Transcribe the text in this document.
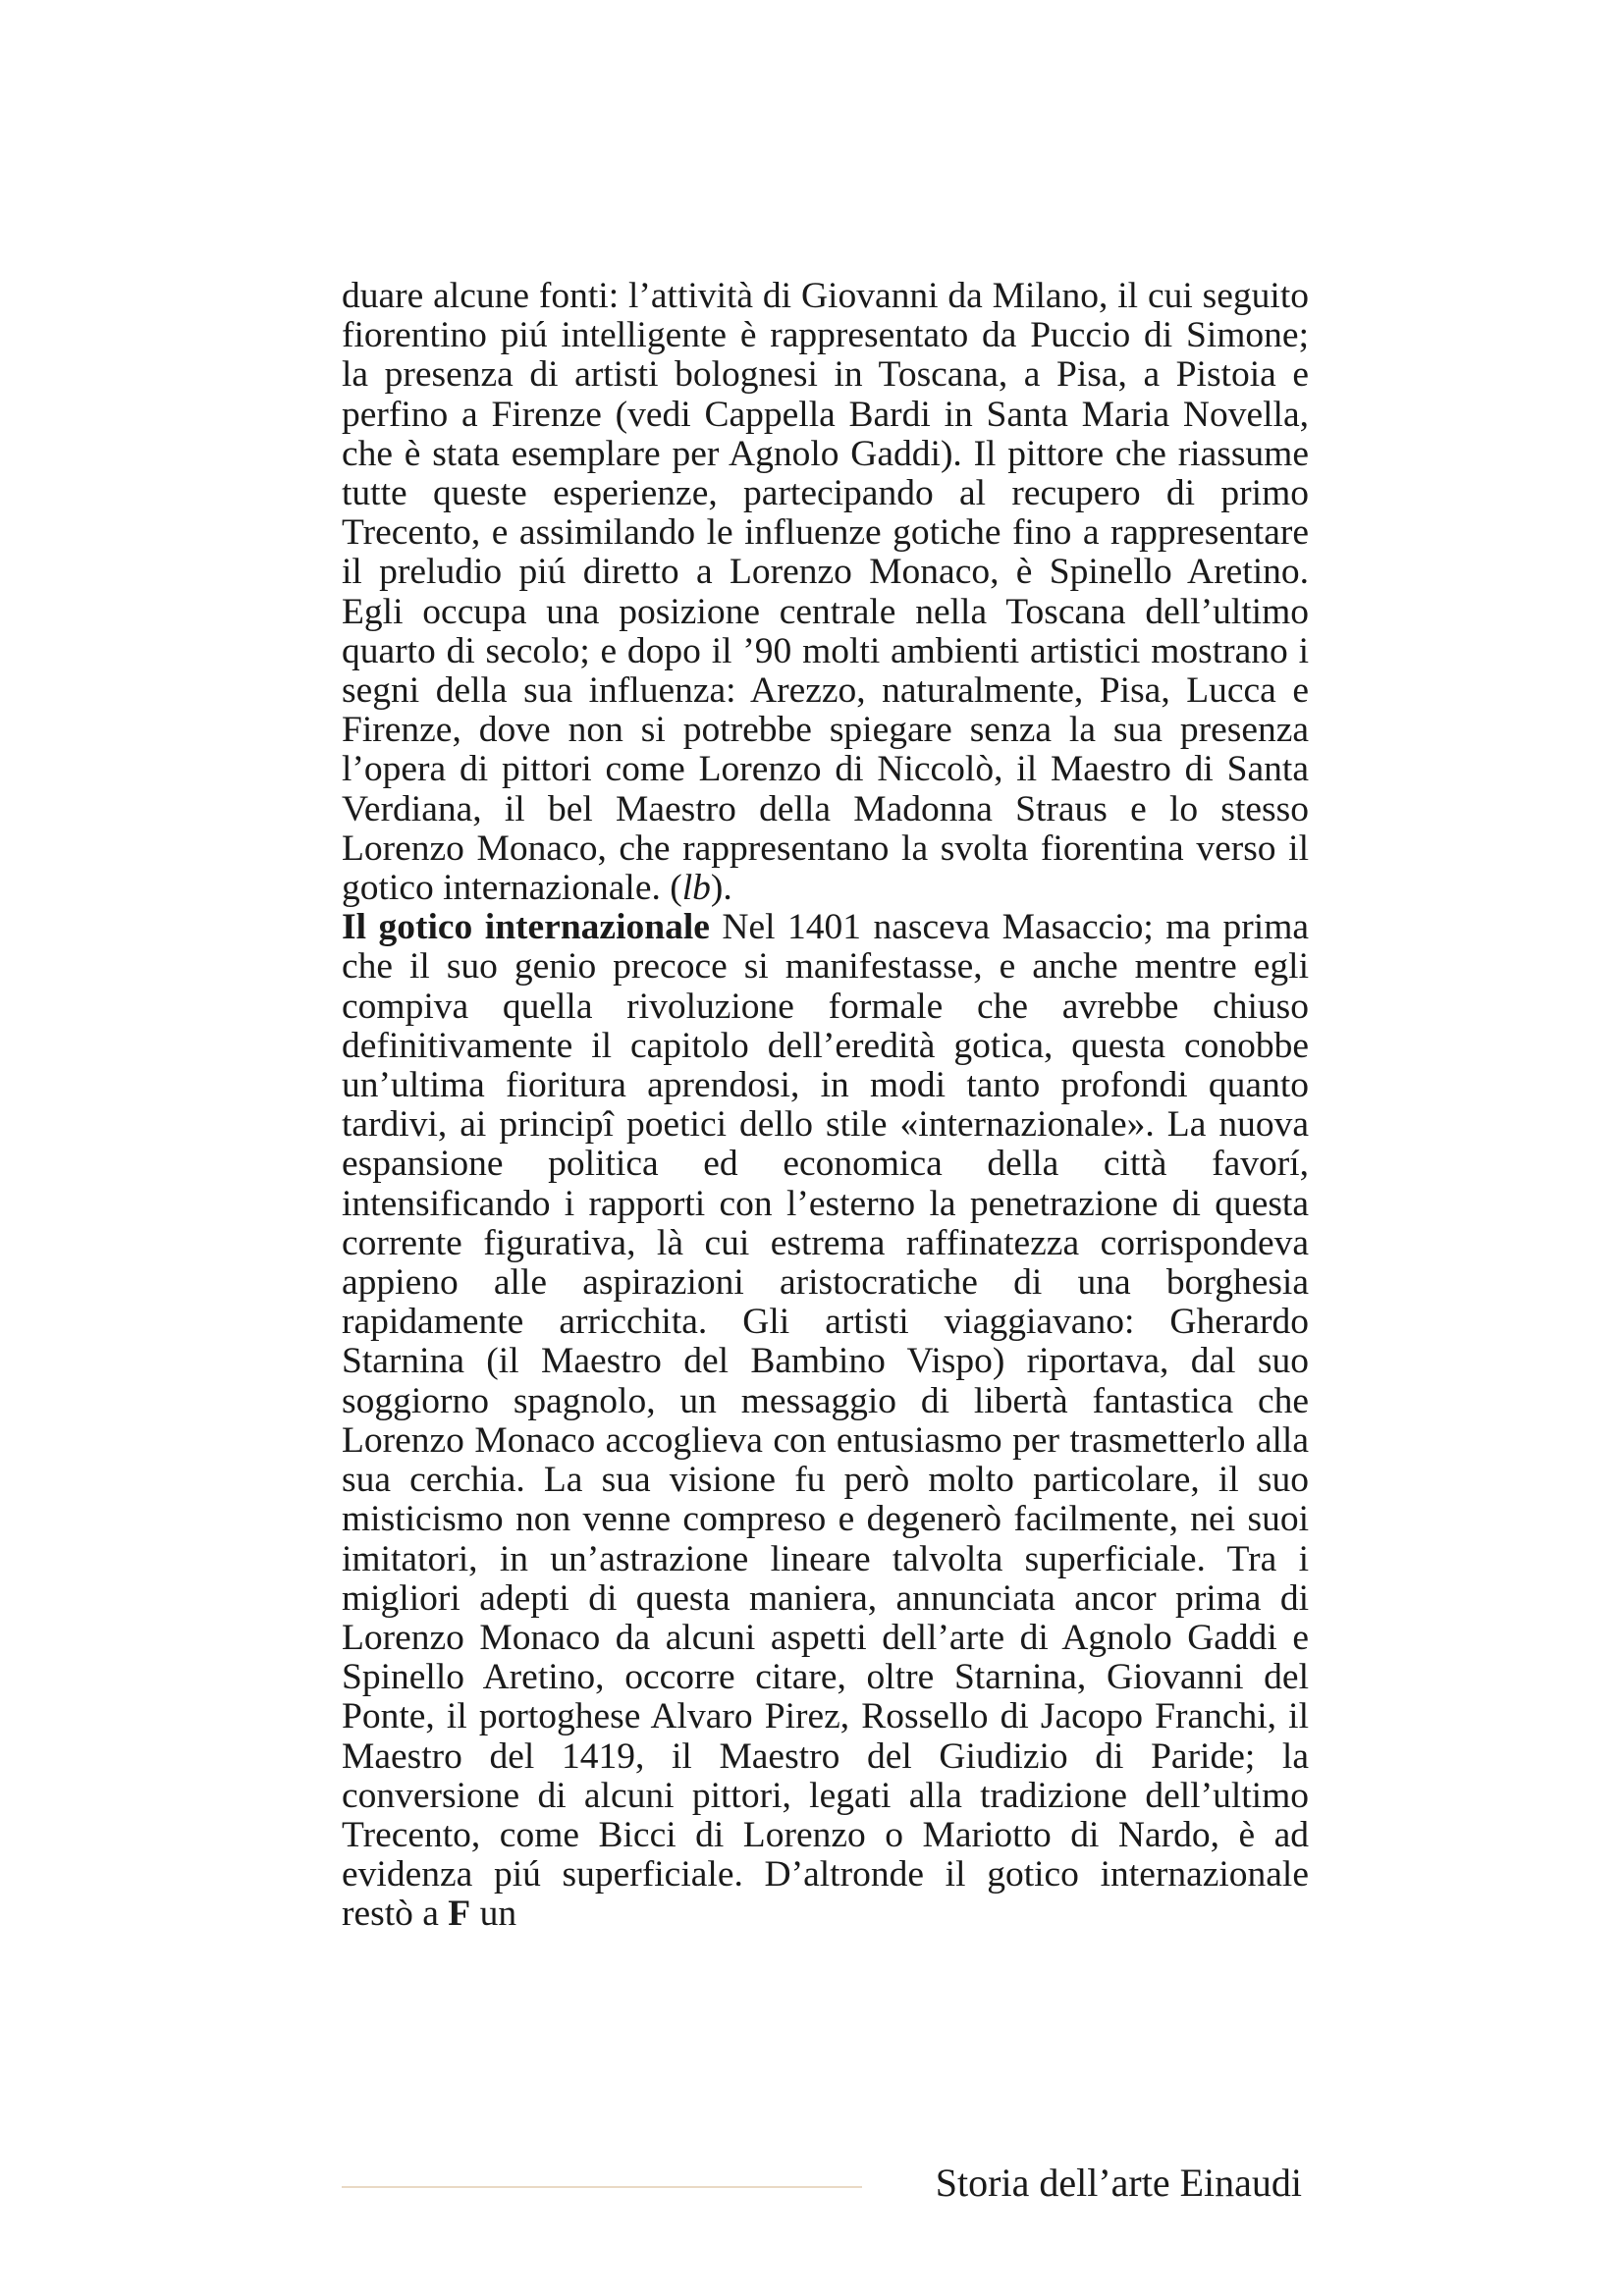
duare alcune fonti: l’attività di Giovanni da Milano, il cui seguito fiorentino piú intelligente è rappresentato da Puccio di Simone; la presenza di artisti bolognesi in Toscana, a Pisa, a Pistoia e perfino a Firenze (vedi Cappella Bardi in Santa Maria Novella, che è stata esemplare per Agnolo Gaddi). Il pittore che riassume tutte queste esperienze, partecipando al recupero di primo Trecento, e assimilando le influenze gotiche fino a rappresentare il preludio piú diretto a Lorenzo Monaco, è Spinello Aretino. Egli occupa una posizione centrale nella Toscana dell’ultimo quarto di secolo; e dopo il ’90 molti ambienti artistici mostrano i segni della sua influenza: Arezzo, naturalmente, Pisa, Lucca e Firenze, dove non si potrebbe spiegare senza la sua presenza l’opera di pittori come Lorenzo di Niccolò, il Maestro di Santa Verdiana, il bel Maestro della Madonna Straus e lo stesso Lorenzo Monaco, che rappresentano la svolta fiorentina verso il gotico internazionale. (lb).

Il gotico internazionale Nel 1401 nasceva Masaccio; ma prima che il suo genio precoce si manifestasse, e anche mentre egli compiva quella rivoluzione formale che avrebbe chiuso definitivamente il capitolo dell’eredità gotica, questa conobbe un’ultima fioritura aprendosi, in modi tanto profondi quanto tardivi, ai principî poetici dello stile «internazionale». La nuova espansione politica ed economica della città favorí, intensificando i rapporti con l’esterno la penetrazione di questa corrente figurativa, là cui estrema raffinatezza corrispondeva appieno alle aspirazioni aristocratiche di una borghesia rapidamente arricchita. Gli artisti viaggiavano: Gherardo Starnina (il Maestro del Bambino Vispo) riportava, dal suo soggiorno spagnolo, un messaggio di libertà fantastica che Lorenzo Monaco accoglieva con entusiasmo per trasmetterlo alla sua cerchia. La sua visione fu però molto particolare, il suo misticismo non venne compreso e degenerò facilmente, nei suoi imitatori, in un’astrazione lineare talvolta superficiale. Tra i migliori adepti di questa maniera, annunciata ancor prima di Lorenzo Monaco da alcuni aspetti dell’arte di Agnolo Gaddi e Spinello Aretino, occorre citare, oltre Starnina, Giovanni del Ponte, il portoghese Alvaro Pirez, Rossello di Jacopo Franchi, il Maestro del 1419, il Maestro del Giudizio di Paride; la conversione di alcuni pittori, legati alla tradizione dell’ultimo Trecento, come Bicci di Lorenzo o Mariotto di Nardo, è ad evidenza piú superficiale. D’altronde il gotico internazionale restò a F un

Storia dell’arte Einaudi
